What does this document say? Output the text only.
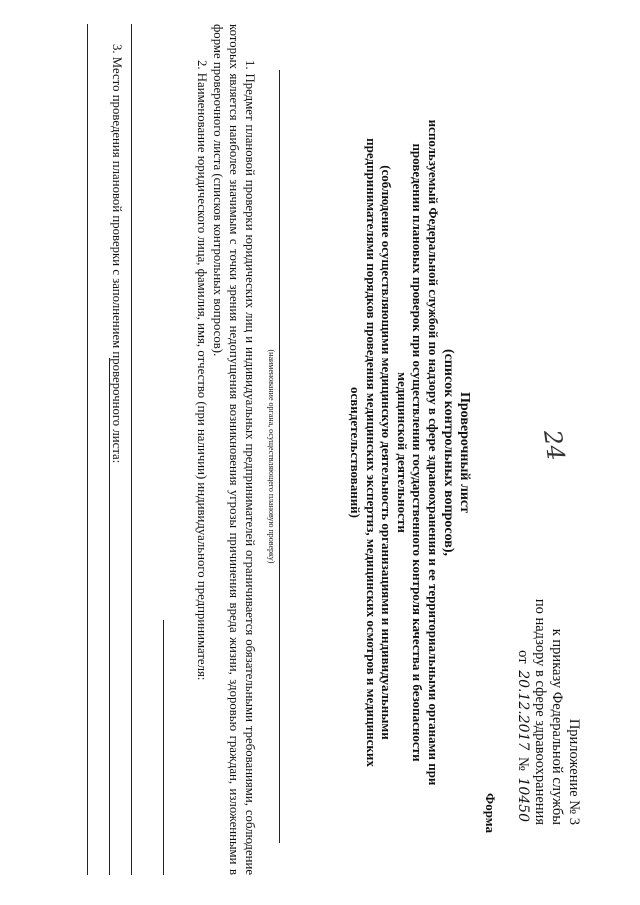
24
Приложение № 3
к приказу Федеральной службы
по надзору в сфере здравоохранения
от 20.12.2017 № 10450
Форма
Проверочный лист
(список контрольных вопросов),
используемый Федеральной службой по надзору в сфере здравоохранения и ее территориальными органами при
проведении плановых проверок при осуществлении государственного контроля качества и безопасности
медицинской деятельности
(соблюдение осуществляющими медицинскую деятельность организациями и индивидуальными
предпринимателями порядков проведения медицинских экспертиз, медицинских осмотров и медицинских
освидетельствований)
(наименование органа, осуществляющего плановую проверку)

1. Предмет плановой проверки юридических лиц и индивидуальных предпринимателей ограничивается обязательными требованиями, соблюдение которых является наиболее значимым с точки зрения недопущения возникновения угрозы причинения вреда жизни, здоровью граждан, изложенными в форме проверочного листа (списков контрольных вопросов).

2. Наименование юридического лица, фамилия, имя, отчество (при наличии) индивидуального предпринимателя:

3. Место проведения плановой проверки с заполнением проверочного листа:
